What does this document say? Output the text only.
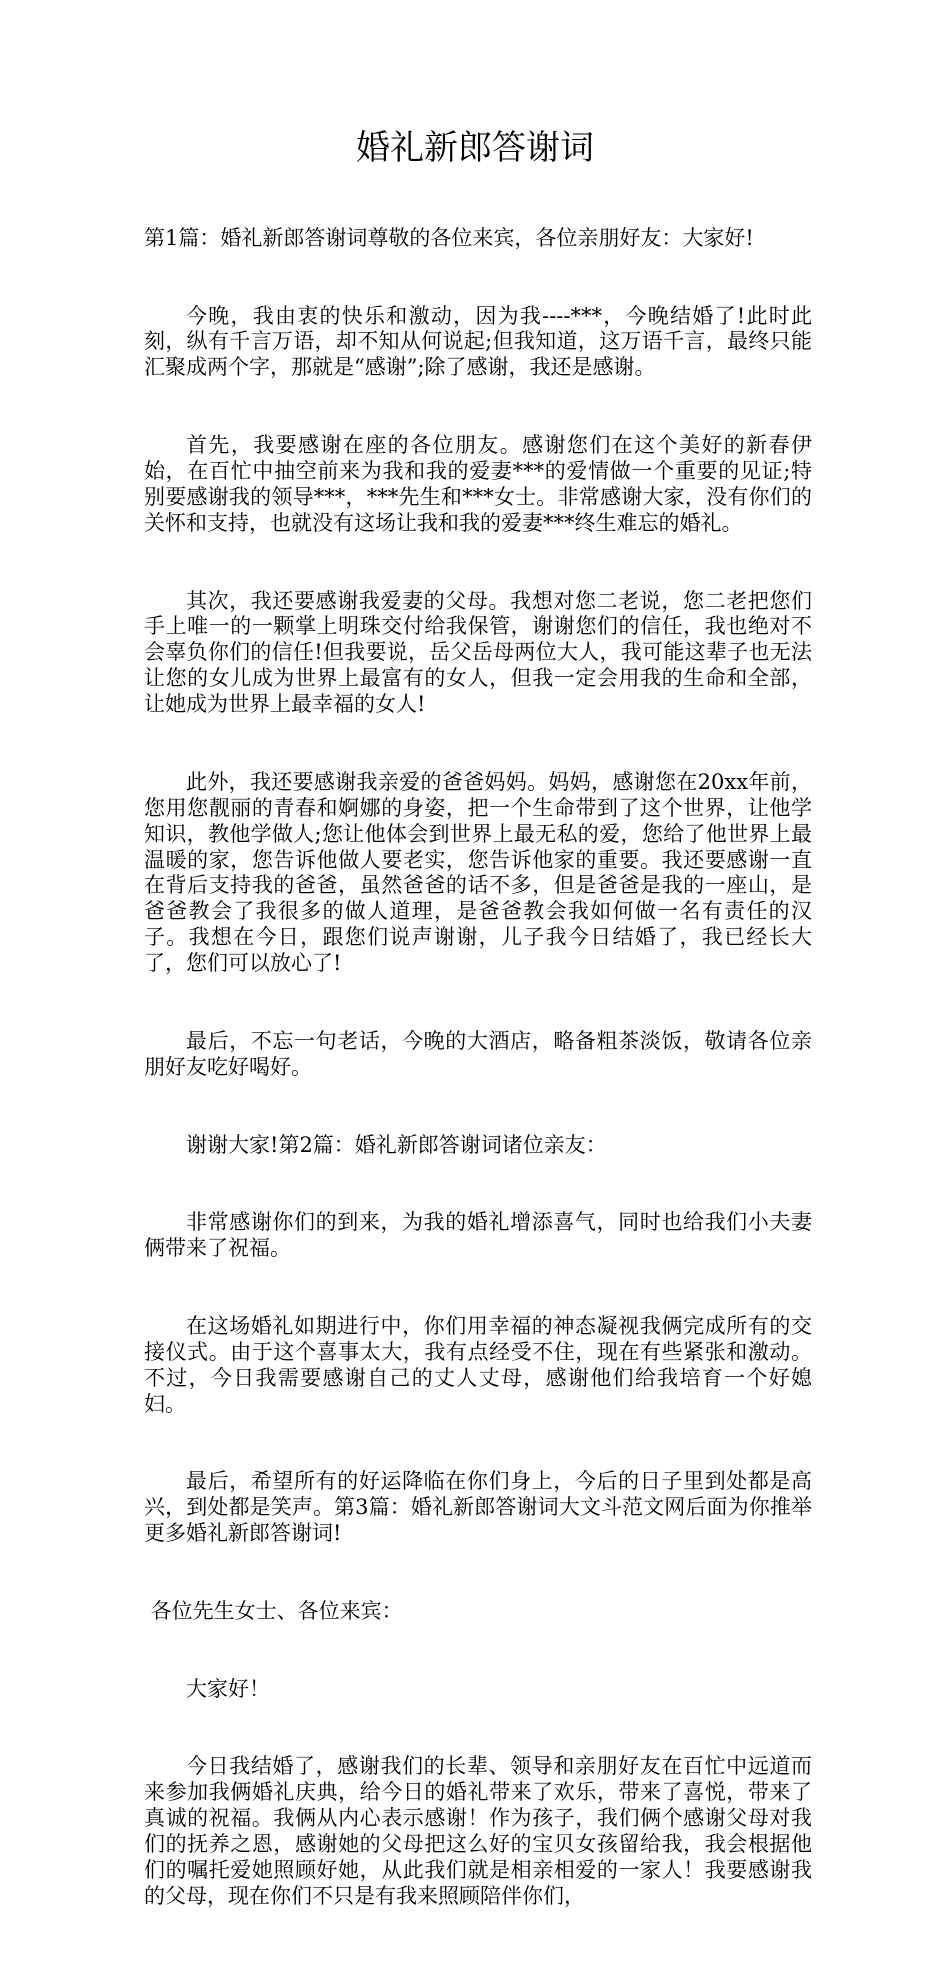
婚礼新郎答谢词

第1篇：婚礼新郎答谢词尊敬的各位来宾，各位亲朋好友：大家好!

今晚，我由衷的快乐和激动，因为我----***，今晚结婚了!此时此刻，纵有千言万语，却不知从何说起;但我知道，这万语千言，最终只能汇聚成两个字，那就是“感谢”;除了感谢，我还是感谢。

首先，我要感谢在座的各位朋友。感谢您们在这个美好的新春伊始，在百忙中抽空前来为我和我的爱妻***的爱情做一个重要的见证;特别要感谢我的领导***，***先生和***女士。非常感谢大家，没有你们的关怀和支持，也就没有这场让我和我的爱妻***终生难忘的婚礼。

其次，我还要感谢我爱妻的父母。我想对您二老说，您二老把您们手上唯一的一颗掌上明珠交付给我保管，谢谢您们的信任，我也绝对不会辜负你们的信任!但我要说，岳父岳母两位大人，我可能这辈子也无法让您的女儿成为世界上最富有的女人，但我一定会用我的生命和全部，让她成为世界上最幸福的女人!

此外，我还要感谢我亲爱的爸爸妈妈。妈妈，感谢您在20xx年前，您用您靓丽的青春和婀娜的身姿，把一个生命带到了这个世界，让他学知识，教他学做人;您让他体会到世界上最无私的爱，您给了他世界上最温暖的家，您告诉他做人要老实，您告诉他家的重要。我还要感谢一直在背后支持我的爸爸，虽然爸爸的话不多，但是爸爸是我的一座山，是爸爸教会了我很多的做人道理，是爸爸教会我如何做一名有责任的汉子。我想在今日，跟您们说声谢谢，儿子我今日结婚了，我已经长大了，您们可以放心了!

最后，不忘一句老话，今晚的大酒店，略备粗茶淡饭，敬请各位亲朋好友吃好喝好。

谢谢大家!第2篇：婚礼新郎答谢词诸位亲友：

非常感谢你们的到来，为我的婚礼增添喜气，同时也给我们小夫妻俩带来了祝福。

在这场婚礼如期进行中，你们用幸福的神态凝视我俩完成所有的交接仪式。由于这个喜事太大，我有点经受不住，现在有些紧张和激动。不过，今日我需要感谢自己的丈人丈母，感谢他们给我培育一个好媳妇。

最后，希望所有的好运降临在你们身上，今后的日子里到处都是高兴，到处都是笑声。第3篇：婚礼新郎答谢词大文斗范文网后面为你推举更多婚礼新郎答谢词!

各位先生女士、各位来宾：

大家好！

今日我结婚了，感谢我们的长辈、领导和亲朋好友在百忙中远道而来参加我俩婚礼庆典，给今日的婚礼带来了欢乐，带来了喜悦，带来了真诚的祝福。我俩从内心表示感谢！作为孩子，我们俩个感谢父母对我们的抚养之恩，感谢她的父母把这么好的宝贝女孩留给我，我会根据他们的嘱托爱她照顾好她，从此我们就是相亲相爱的一家人！我要感谢我的父母，现在你们不只是有我来照顾陪伴你们，
